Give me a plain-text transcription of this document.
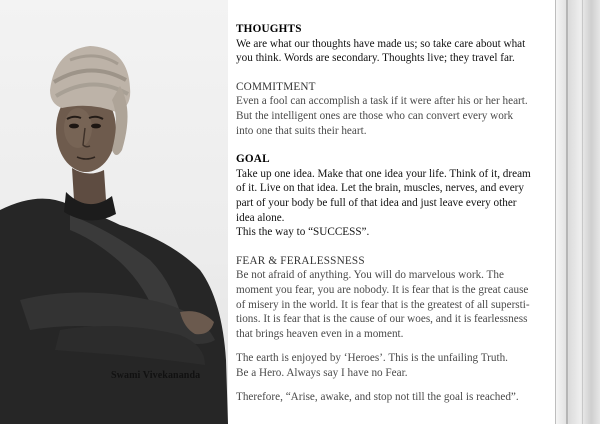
Swami Vivekananda
THOUGHTS
We are what our thoughts have made us; so take care about what
you think. Words are secondary. Thoughts live; they travel far.
COMMITMENT
Even a fool can accomplish a task if it were after his or her heart.
But the intelligent ones are those who can convert every work
into one that suits their heart.
GOAL
Take up one idea. Make that one idea your life. Think of it, dream
of it. Live on that idea. Let the brain, muscles, nerves, and every
part of your body be full of that idea and just leave every other
idea alone.
This the way to “SUCCESS”.
FEAR & FERALESSNESS
Be not afraid of anything. You will do marvelous work. The
moment you fear, you are nobody. It is fear that is the great cause
of misery in the world. It is fear that is the greatest of all supersti-
tions. It is fear that is the cause of our woes, and it is fearlessness
that brings heaven even in a moment.
The earth is enjoyed by ‘Heroes’. This is the unfailing Truth.
Be a Hero. Always say I have no Fear.
Therefore, “Arise, awake, and stop not till the goal is reached”.
